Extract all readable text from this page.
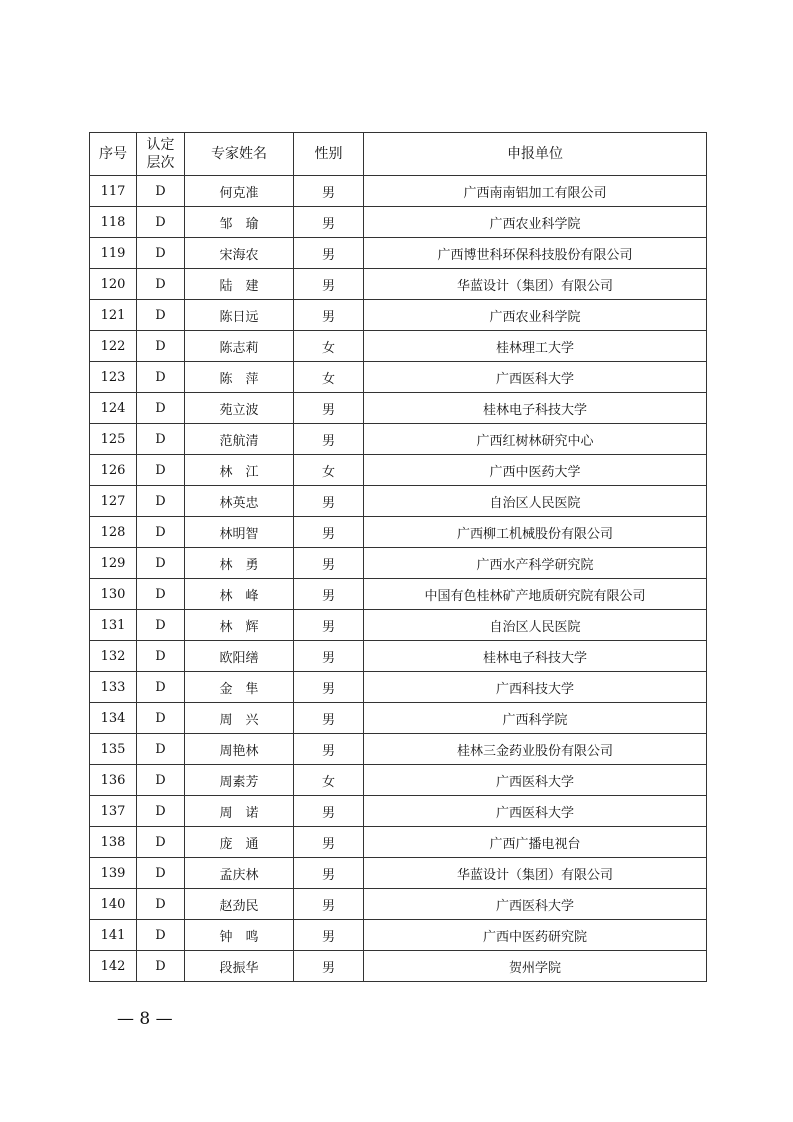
序号	认定层次	专家姓名	性别	申报单位
117	D	何克准	男	广西南南铝加工有限公司
118	D	邹　瑜	男	广西农业科学院
119	D	宋海农	男	广西博世科环保科技股份有限公司
120	D	陆　建	男	华蓝设计（集团）有限公司
121	D	陈日远	男	广西农业科学院
122	D	陈志莉	女	桂林理工大学
123	D	陈　萍	女	广西医科大学
124	D	苑立波	男	桂林电子科技大学
125	D	范航清	男	广西红树林研究中心
126	D	林　江	女	广西中医药大学
127	D	林英忠	男	自治区人民医院
128	D	林明智	男	广西柳工机械股份有限公司
129	D	林　勇	男	广西水产科学研究院
130	D	林　峰	男	中国有色桂林矿产地质研究院有限公司
131	D	林　辉	男	自治区人民医院
132	D	欧阳缮	男	桂林电子科技大学
133	D	金　隼	男	广西科技大学
134	D	周　兴	男	广西科学院
135	D	周艳林	男	桂林三金药业股份有限公司
136	D	周素芳	女	广西医科大学
137	D	周　诺	男	广西医科大学
138	D	庞　通	男	广西广播电视台
139	D	孟庆林	男	华蓝设计（集团）有限公司
140	D	赵劲民	男	广西医科大学
141	D	钟　鸣	男	广西中医药研究院
142	D	段振华	男	贺州学院
— 8 —
